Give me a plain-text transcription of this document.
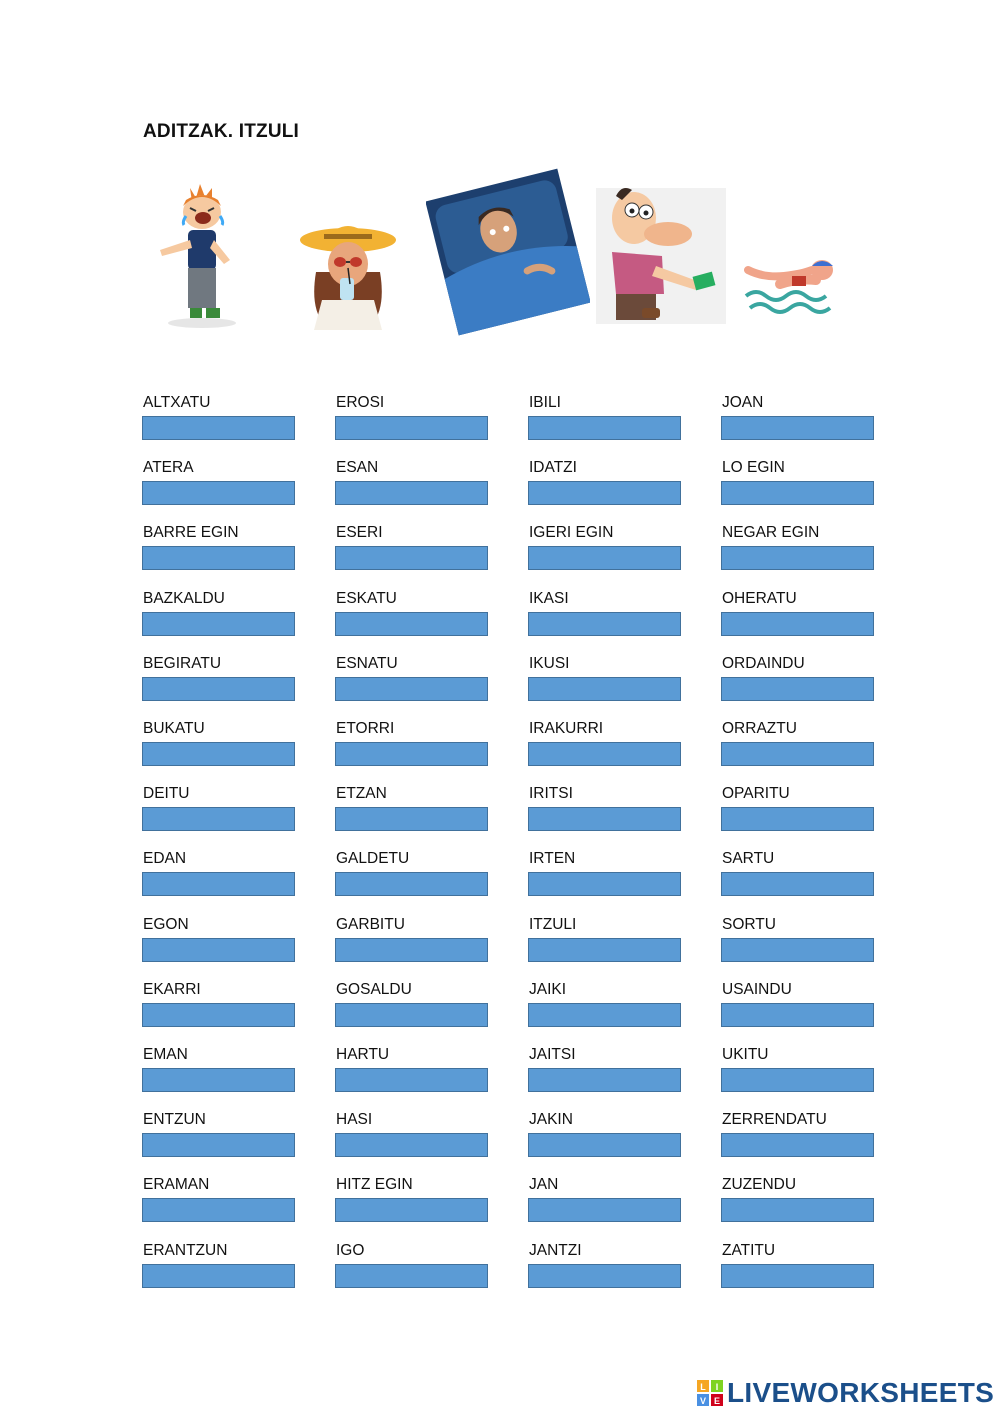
ADITZAK. ITZULI
ALTXATU
ATERA
BARRE EGIN
BAZKALDU
BEGIRATU
BUKATU
DEITU
EDAN
EGON
EKARRI
EMAN
ENTZUN
ERAMAN
ERANTZUN
EROSI
ESAN
ESERI
ESKATU
ESNATU
ETORRI
ETZAN
GALDETU
GARBITU
GOSALDU
HARTU
HASI
HITZ EGIN
IGO
IBILI
IDATZI
IGERI EGIN
IKASI
IKUSI
IRAKURRI
IRITSI
IRTEN
ITZULI
JAIKI
JAITSI
JAKIN
JAN
JANTZI
JOAN
LO EGIN
NEGAR EGIN
OHERATU
ORDAINDU
ORRAZTU
OPARITU
SARTU
SORTU
USAINDU
UKITU
ZERRENDATU
ZUZENDU
ZATITU
L I
V E LIVEWORKSHEETS
